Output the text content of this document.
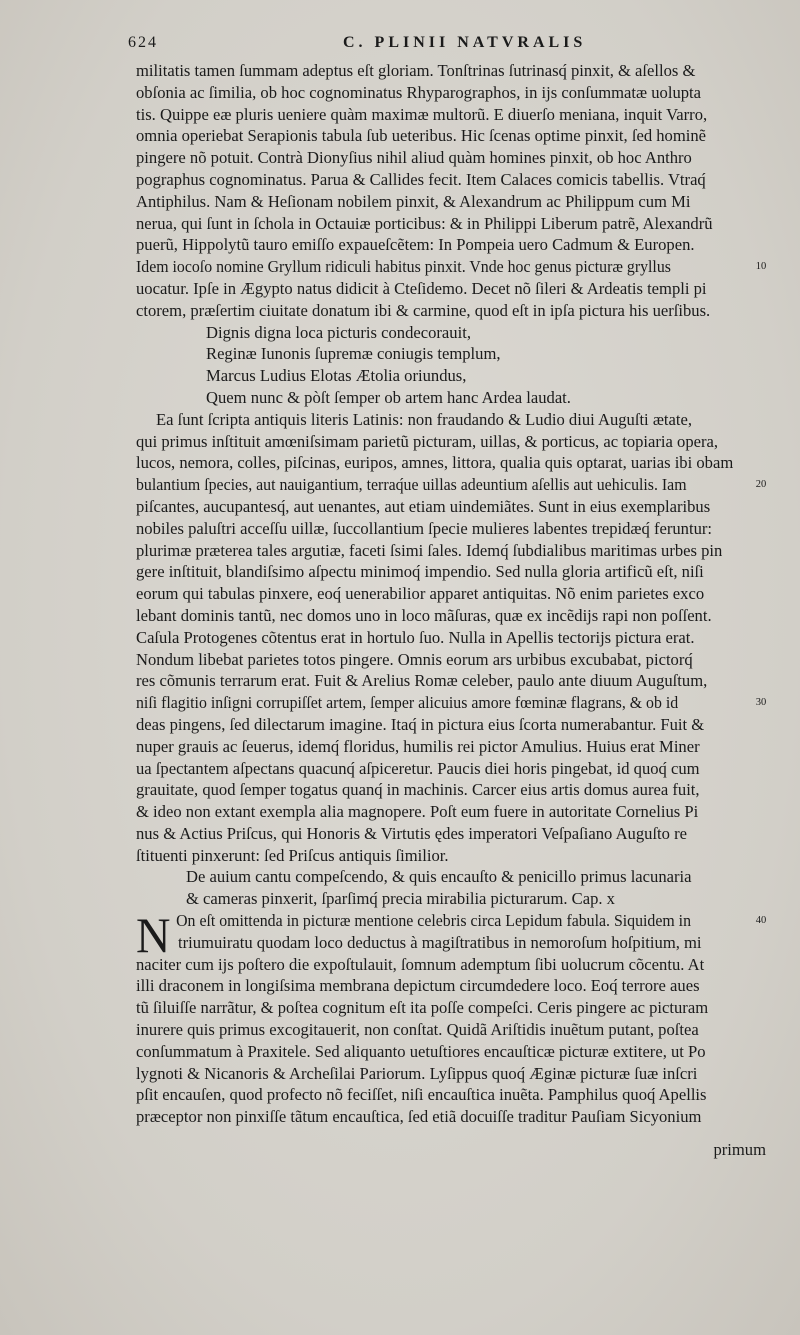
624	C. PLINII NATVRALIS
militatis tamen ſummam adeptus eſt gloriam. Tonſtrinas ſutrinasq́ pinxit, & aſellos &
obſonia ac ſimilia, ob hoc cognominatus Rhyparographos, in ijs conſummatæ uolupta
tis. Quippe eæ pluris ueniere quàm maximæ multorũ. E diuerſo meniana, inquit Varro,
omnia operiebat Serapionis tabula ſub ueteribus. Hic ſcenas optime pinxit, ſed hominẽ
pingere nõ potuit. Contrà Dionyſius nihil aliud quàm homines pinxit, ob hoc Anthro
pographus cognominatus. Parua & Callides fecit. Item Calaces comicis tabellis. Vtraq́
Antiphilus. Nam & Heſionam nobilem pinxit, & Alexandrum ac Philippum cum Mi
nerua, qui ſunt in ſchola in Octauiæ porticibus: & in Philippi Liberum patrẽ, Alexandrũ
puerũ, Hippolytũ tauro emiſſo expaueſcẽtem: In Pompeia uero Cadmum & Europen.
Idem iocoſo nomine Gryllum ridiculi habitus pinxit. Vnde hoc genus picturæ gryllus	10
uocatur. Ipſe in Ægypto natus didicit à Cteſidemo. Decet nõ ſileri & Ardeatis templi pi
ctorem, præſertim ciuitate donatum ibi & carmine, quod eſt in ipſa pictura his uerſibus.
Dignis digna loca picturis condecorauit,
Reginæ Iunonis ſupremæ coniugis templum,
Marcus Ludius Elotas Ætolia oriundus,
Quem nunc & pòſt ſemper ob artem hanc Ardea laudat.
Ea ſunt ſcripta antiquis literis Latinis: non fraudando & Ludio diui Auguſti ætate,
qui primus inſtituit amœniſsimam parietũ picturam, uillas, & porticus, ac topiaria opera,
lucos, nemora, colles, piſcinas, euripos, amnes, littora, qualia quis optarat, uarias ibi obam
bulantium ſpecies, aut nauigantium, terraq́ue uillas adeuntium aſellis aut uehiculis. Iam	20
piſcantes, aucupantesq́, aut uenantes, aut etiam uindemiãtes. Sunt in eius exemplaribus
nobiles paluſtri acceſſu uillæ, ſuccollantium ſpecie mulieres labentes trepidæq́ feruntur:
plurimæ præterea tales argutiæ, faceti ſsimi ſales. Idemq́ ſubdialibus maritimas urbes pin
gere inſtituit, blandiſsimo aſpectu minimoq́ impendio. Sed nulla gloria artificũ eſt, niſi
eorum qui tabulas pinxere, eoq́ uenerabilior apparet antiquitas. Nõ enim parietes exco
lebant dominis tantũ, nec domos uno in loco mãſuras, quæ ex incẽdijs rapi non poſſent.
Caſula Protogenes cõtentus erat in hortulo ſuo. Nulla in Apellis tectorijs pictura erat.
Nondum libebat parietes totos pingere. Omnis eorum ars urbibus excubabat, pictorq́
res cõmunis terrarum erat. Fuit & Arelius Romæ celeber, paulo ante diuum Auguſtum,
niſi flagitio inſigni corrupiſſet artem, ſemper alicuius amore fœminæ flagrans, & ob id	30
deas pingens, ſed dilectarum imagine. Itaq́ in pictura eius ſcorta numerabantur. Fuit &
nuper grauis ac ſeuerus, idemq́ floridus, humilis rei pictor Amulius. Huius erat Miner
ua ſpectantem aſpectans quacunq́ aſpiceretur. Paucis diei horis pingebat, id quoq́ cum
grauitate, quod ſemper togatus quanq́ in machinis. Carcer eius artis domus aurea fuit,
& ideo non extant exempla alia magnopere. Poſt eum fuere in autoritate Cornelius Pi
nus & Actius Priſcus, qui Honoris & Virtutis ędes imperatori Veſpaſiano Auguſto re
ſtituenti pinxerunt: ſed Priſcus antiquis ſimilior.
De auium cantu compeſcendo, & quis encauſto & penicillo primus lacunaria
& cameras pinxerit, ſparſimq́ precia mirabilia picturarum. Cap. x
N On eſt omittenda in picturæ mentione celebris circa Lepidum fabula. Siquidem in	40
triumuiratu quodam loco deductus à magiſtratibus in nemoroſum hoſpitium, mi
naciter cum ijs poſtero die expoſtulauit, ſomnum ademptum ſibi uolucrum cõcentu. At
illi draconem in longiſsima membrana depictum circumdedere loco. Eoq́ terrore aues
tũ ſiluiſſe narrãtur, & poſtea cognitum eſt ita poſſe compeſci. Ceris pingere ac picturam
inurere quis primus excogitauerit, non conſtat. Quidã Ariſtidis inuẽtum putant, poſtea
conſummatum à Praxitele. Sed aliquanto uetuſtiores encauſticæ picturæ extitere, ut Po
lygnoti & Nicanoris & Archeſilai Pariorum. Lyſippus quoq́ Æginæ picturæ ſuæ inſcri
pſit encauſen, quod profecto nõ feciſſet, niſi encauſtica inuẽta. Pamphilus quoq́ Apellis
præceptor non pinxiſſe tãtum encauſtica, ſed etiã docuiſſe traditur Pauſiam Sicyonium
primum
